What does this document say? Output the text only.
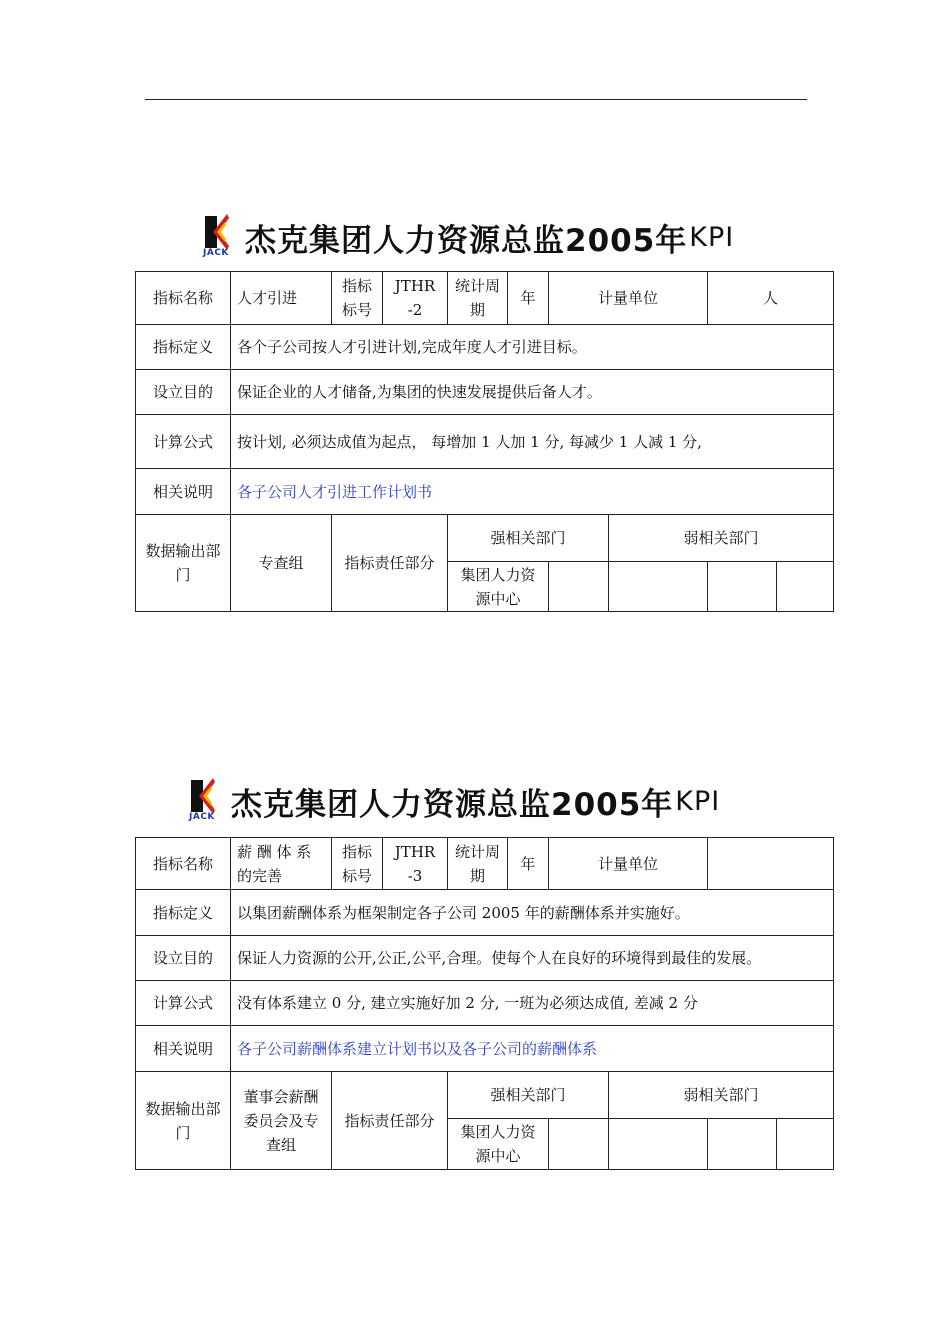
JACK 杰克集团人力资源总监2005年 KPI
指标名称	人才引进	指标标号	JTHR -2	统计周期	年	计量单位		人	
指标定义	各个子公司按人才引进计划,完成年度人才引进目标。								
设立目的	保证企业的人才储备,为集团的快速发展提供后备人才。								
计算公式	按计划, 必须达成值为起点， 每增加 1 人加 1 分, 每减少 1 人减 1 分,								
相关说明	各子公司人才引进工作计划书								
数据输出部门	专查组	指标责任部分		强相关部门			弱相关部门		
				集团人力资源中心					
JACK 杰克集团人力资源总监2005年 KPI
指标名称	薪 酬 体 系 的完善	指标标号	JTHR -3	统计周期	年	计量单位			
指标定义	以集团薪酬体系为框架制定各子公司 2005 年的薪酬体系并实施好。								
设立目的	保证人力资源的公开,公正,公平,合理。使每个人在良好的环境得到最佳的发展。								
计算公式	没有体系建立 0 分, 建立实施好加 2 分, 一班为必须达成值, 差减 2 分								
相关说明	各子公司薪酬体系建立计划书以及各子公司的薪酬体系								
数据输出部门	董事会薪酬委员会及专查组	指标责任部分		强相关部门			弱相关部门		
				集团人力资源中心					
